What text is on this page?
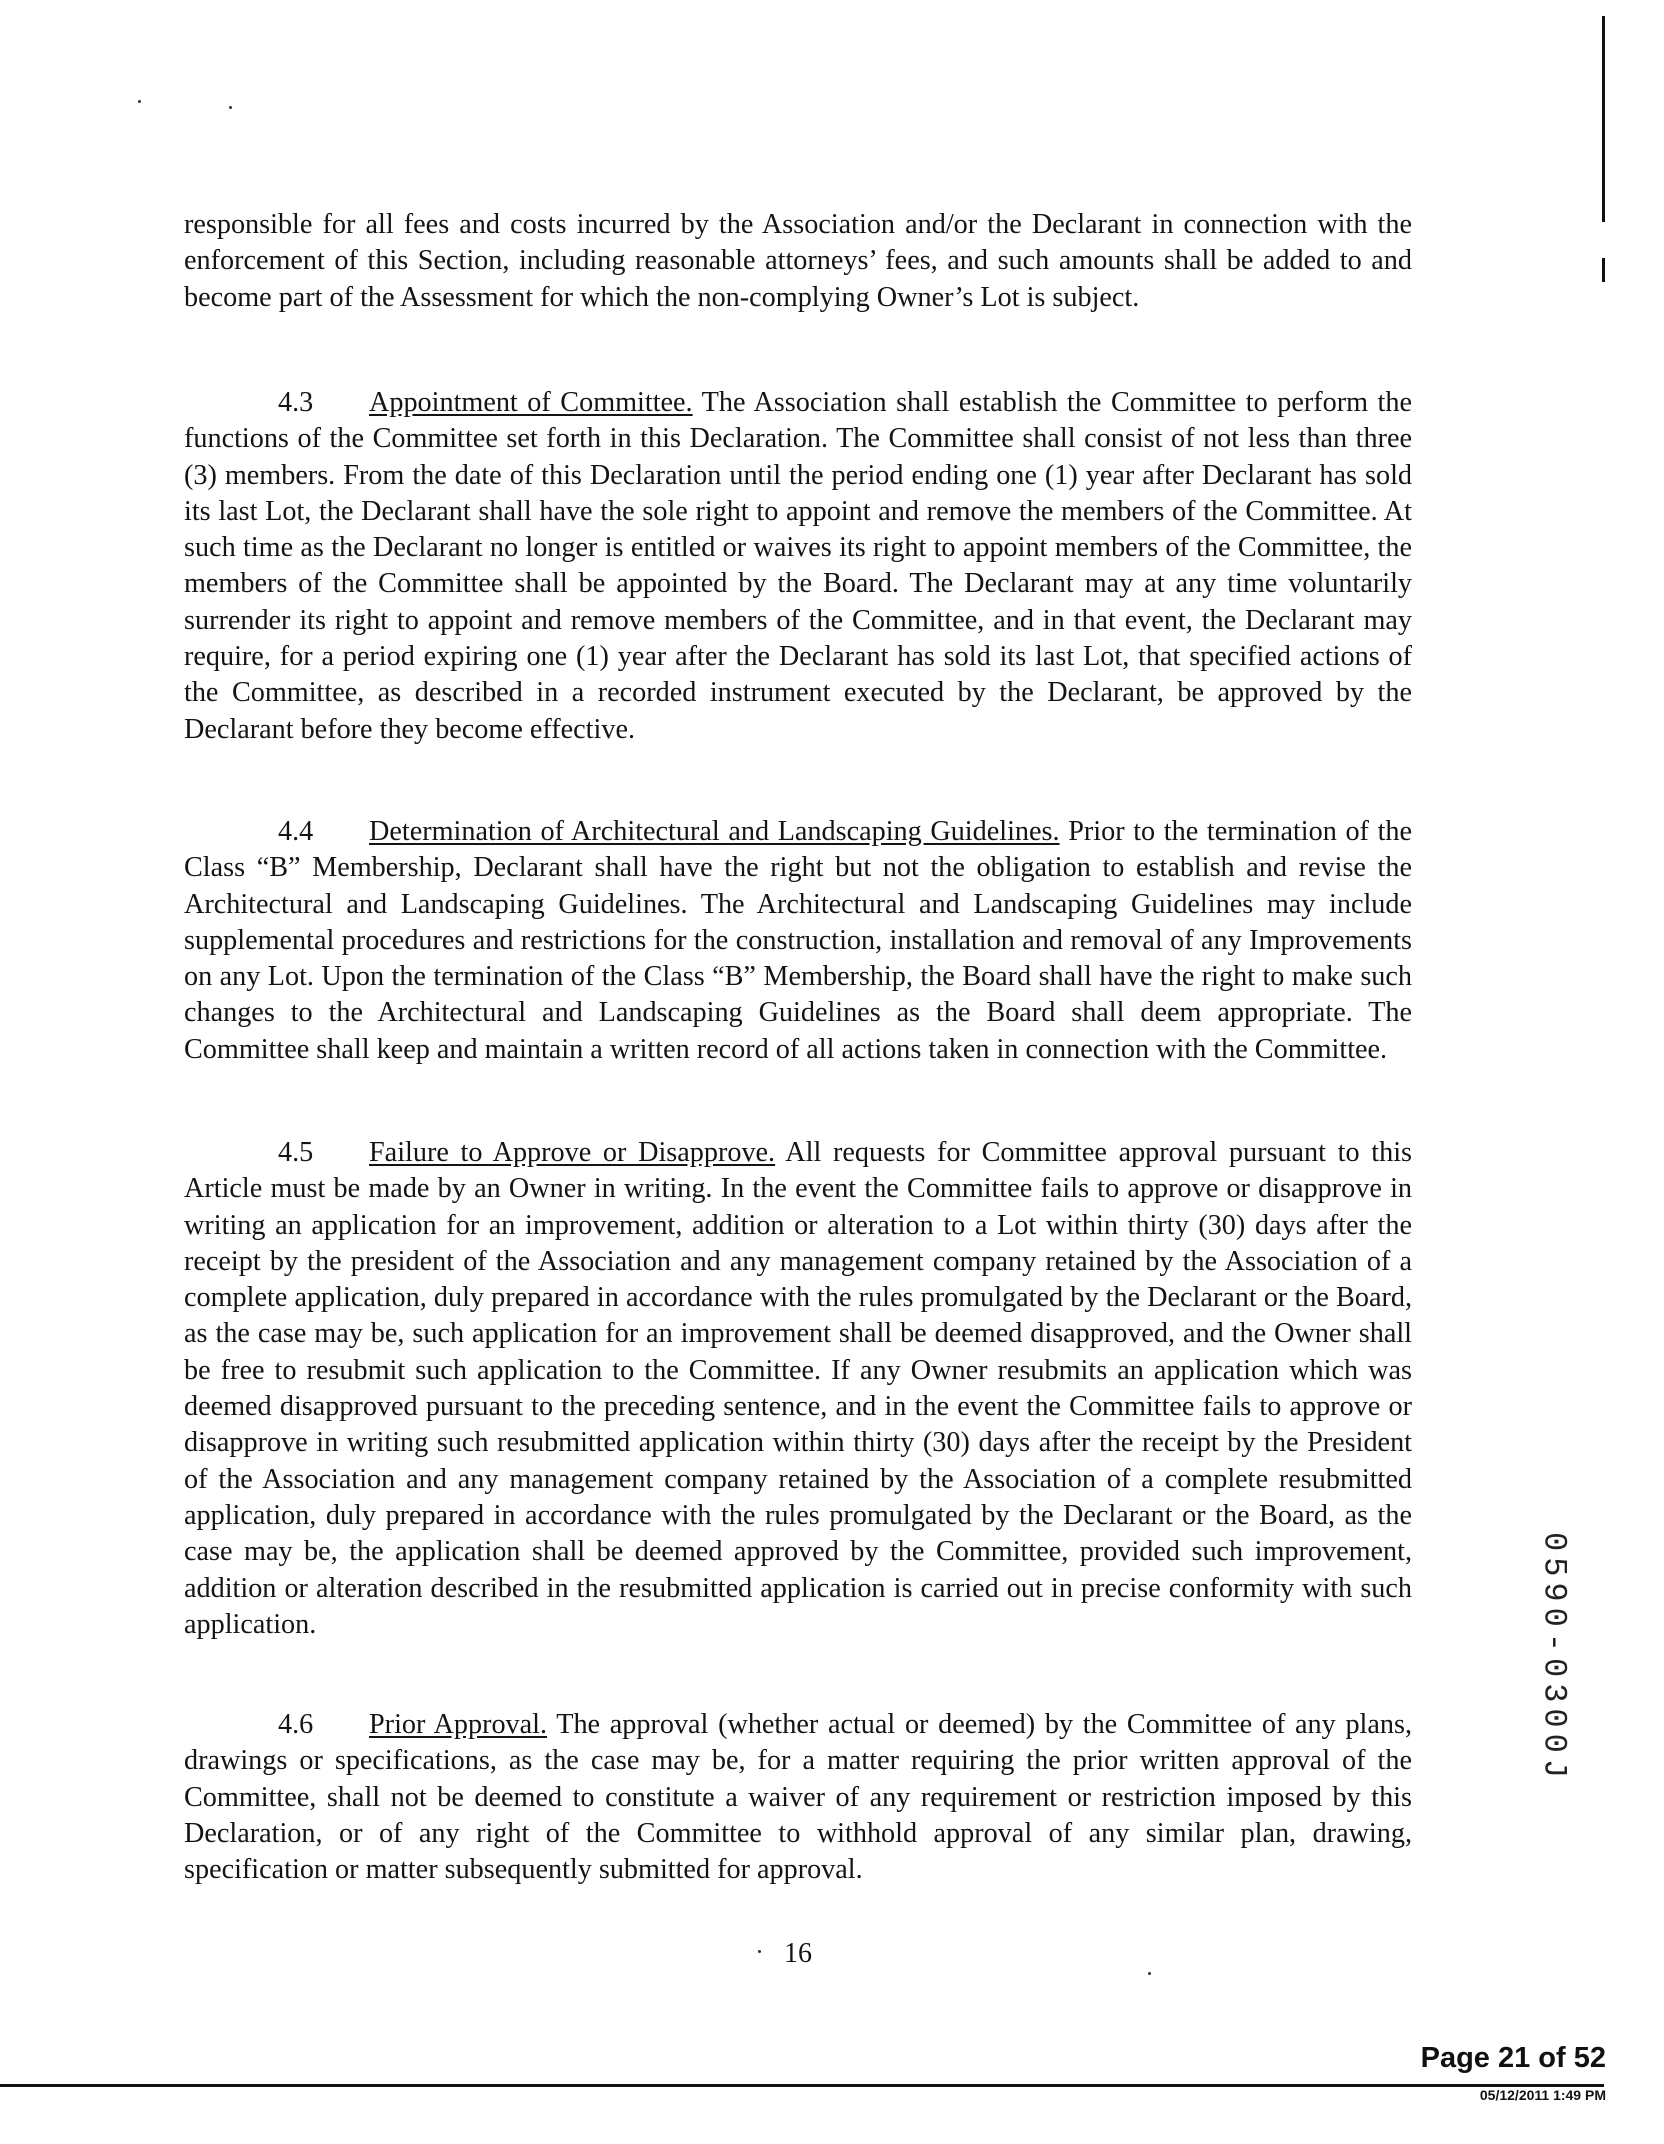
responsible for all fees and costs incurred by the Association and/or the Declarant in connection with the enforcement of this Section, including reasonable attorneys’ fees, and such amounts shall be added to and become part of the Assessment for which the non-complying Owner’s Lot is subject.

4.3 Appointment of Committee. The Association shall establish the Committee to perform the functions of the Committee set forth in this Declaration. The Committee shall consist of not less than three (3) members. From the date of this Declaration until the period ending one (1) year after Declarant has sold its last Lot, the Declarant shall have the sole right to appoint and remove the members of the Committee. At such time as the Declarant no longer is entitled or waives its right to appoint members of the Committee, the members of the Committee shall be appointed by the Board. The Declarant may at any time voluntarily surrender its right to appoint and remove members of the Committee, and in that event, the Declarant may require, for a period expiring one (1) year after the Declarant has sold its last Lot, that specified actions of the Committee, as described in a recorded instrument executed by the Declarant, be approved by the Declarant before they become effective.

4.4 Determination of Architectural and Landscaping Guidelines. Prior to the termination of the Class “B” Membership, Declarant shall have the right but not the obligation to establish and revise the Architectural and Landscaping Guidelines. The Architectural and Landscaping Guidelines may include supplemental procedures and restrictions for the construction, installation and removal of any Improvements on any Lot. Upon the termination of the Class “B” Membership, the Board shall have the right to make such changes to the Architectural and Landscaping Guidelines as the Board shall deem appropriate. The Committee shall keep and maintain a written record of all actions taken in connection with the Committee.

4.5 Failure to Approve or Disapprove. All requests for Committee approval pursuant to this Article must be made by an Owner in writing. In the event the Committee fails to approve or disapprove in writing an application for an improvement, addition or alteration to a Lot within thirty (30) days after the receipt by the president of the Association and any management company retained by the Association of a complete application, duly prepared in accordance with the rules promulgated by the Declarant or the Board, as the case may be, such application for an improvement shall be deemed disapproved, and the Owner shall be free to resubmit such application to the Committee. If any Owner resubmits an application which was deemed disapproved pursuant to the preceding sentence, and in the event the Committee fails to approve or disapprove in writing such resubmitted application within thirty (30) days after the receipt by the President of the Association and any management company retained by the Association of a complete resubmitted application, duly prepared in accordance with the rules promulgated by the Declarant or the Board, as the case may be, the application shall be deemed approved by the Committee, provided such improvement, addition or alteration described in the resubmitted application is carried out in precise conformity with such application.

4.6 Prior Approval. The approval (whether actual or deemed) by the Committee of any plans, drawings or specifications, as the case may be, for a matter requiring the prior written approval of the Committee, shall not be deemed to constitute a waiver of any requirement or restriction imposed by this Declaration, or of any right of the Committee to withhold approval of any similar plan, drawing, specification or matter subsequently submitted for approval.

16
0590-0300J
Page 21 of 52
05/12/2011 1:49 PM
